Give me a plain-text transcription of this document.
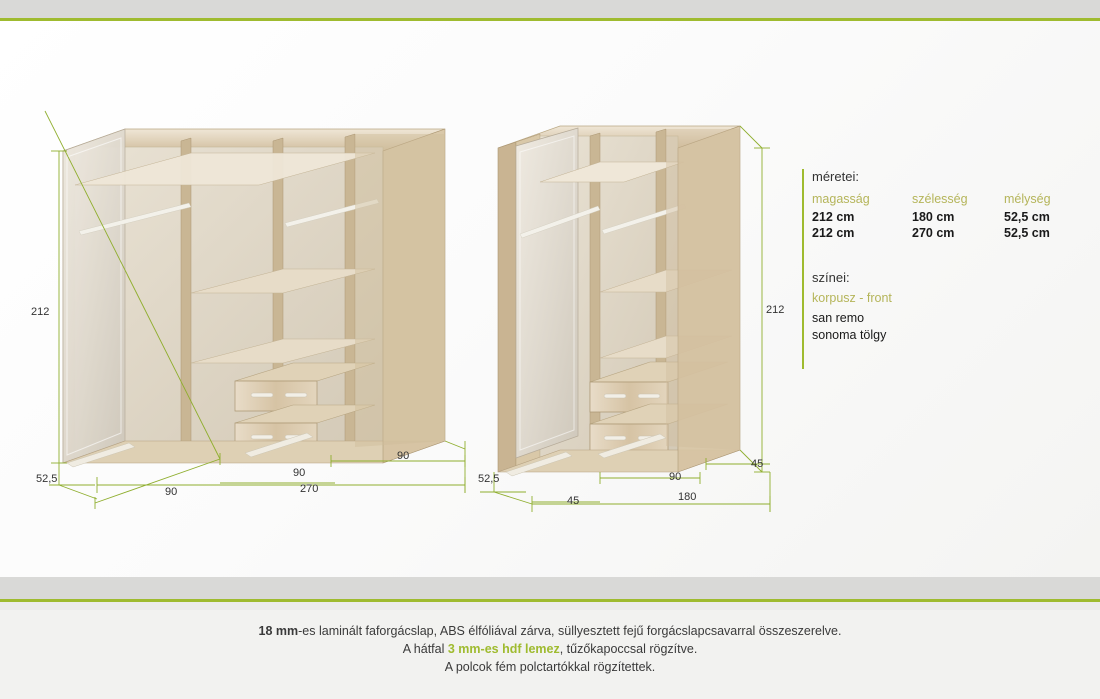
212
52,5
90
90
90
270
212
52,5
45
90
45
180
méretei:
magasság	szélesség	mélység
212 cm	180 cm	52,5 cm
212 cm	270 cm	52,5 cm
színei:
korpusz - front
san remo
sonoma tölgy
18 mm-es laminált faforgácslap, ABS élfóliával zárva, süllyesztett fejű forgácslapcsavarral összeszerelve.
A hátfal 3 mm-es hdf lemez, tűzőkapoccsal rögzítve.
A polcok fém polctartókkal rögzítettek.
